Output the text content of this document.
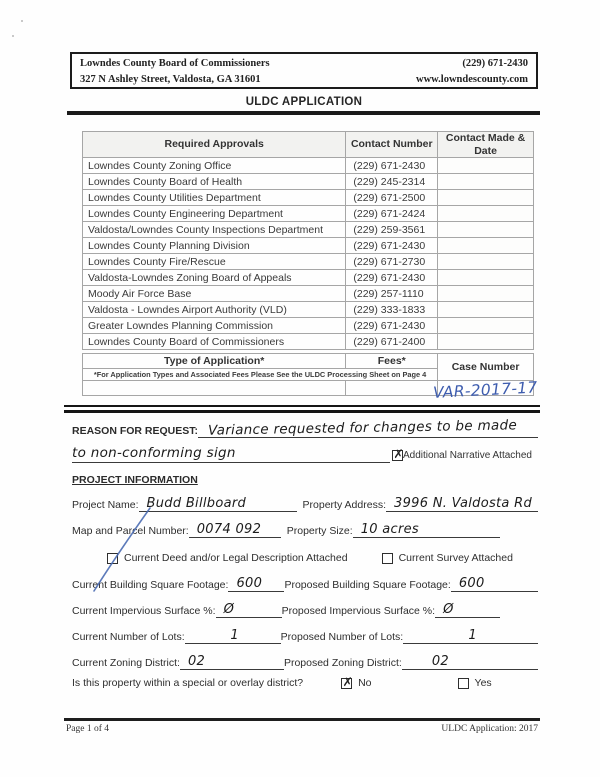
Lowndes County Board of Commissioners
327 N Ashley Street, Valdosta, GA 31601
(229) 671-2430
www.lowndescounty.com
ULDC APPLICATION
Required Approvals	Contact Number	Contact Made & Date
Lowndes County Zoning Office	(229) 671-2430	
Lowndes County Board of Health	(229) 245-2314	
Lowndes County Utilities Department	(229) 671-2500	
Lowndes County Engineering Department	(229) 671-2424	
Valdosta/Lowndes County Inspections Department	(229) 259-3561	
Lowndes County Planning Division	(229) 671-2430	
Lowndes County Fire/Rescue	(229) 671-2730	
Valdosta-Lowndes Zoning Board of Appeals	(229) 671-2430	
Moody Air Force Base	(229) 257-1110	
Valdosta - Lowndes Airport Authority (VLD)	(229) 333-1833	
Greater Lowndes Planning Commission	(229) 671-2430	
Lowndes County Board of Commissioners	(229) 671-2400	
Type of Application*	Fees*	Case Number
*For Application Types and Associated Fees Please See the ULDC Processing Sheet on Page 4		

VAR-2017-17
REASON FOR REQUEST: Variance requested for changes to be made
to non-conforming sign	✗ Additional Narrative Attached
PROJECT INFORMATION
Project Name: Budd Billboard	Property Address: 3996 N. Valdosta Rd
Map and Parcel Number: 0074 092	Property Size: 10 acres
Current Deed and/or Legal Description Attached	Current Survey Attached
Current Building Square Footage: 600	Proposed Building Square Footage: 600
Current Impervious Surface %: Ø	Proposed Impervious Surface %: Ø
Current Number of Lots:	1	Proposed Number of Lots:	1
Current Zoning District: 02	Proposed Zoning District:	02
Is this property within a special or overlay district?	✗ No	Yes
Page 1 of 4	ULDC Application: 2017
